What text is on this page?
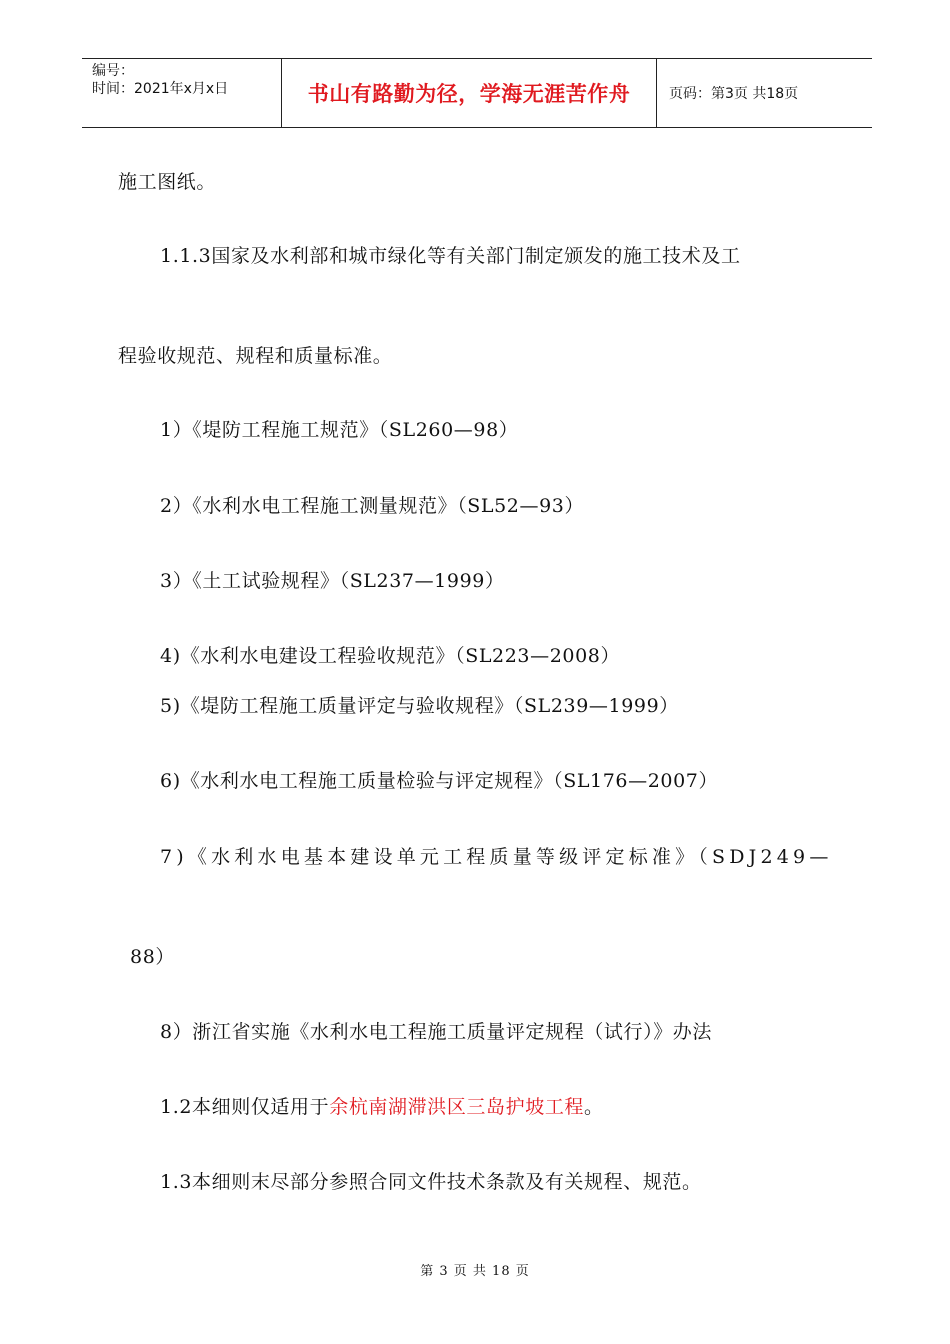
编号：
时间：2021年x月x日	书山有路勤为径，学海无涯苦作舟	页码：第3页 共18页
施工图纸。
1.1.3国家及水利部和城市绿化等有关部门制定颁发的施工技术及工
程验收规范、规程和质量标准。
1）《堤防工程施工规范》（SL260—98）
2）《水利水电工程施工测量规范》（SL52—93）
3）《土工试验规程》（SL237—1999）
4)《水利水电建设工程验收规范》（SL223—2008）
5)《堤防工程施工质量评定与验收规程》（SL239—1999）
6)《水利水电工程施工质量检验与评定规程》（SL176—2007）
7)《水利水电基本建设单元工程质量等级评定标准》（SDJ249—
88）
8）浙江省实施《水利水电工程施工质量评定规程（试行）》办法
1.2本细则仅适用于余杭南湖滞洪区三岛护坡工程。
1.3本细则末尽部分参照合同文件技术条款及有关规程、规范。
第 3 页 共 18 页
